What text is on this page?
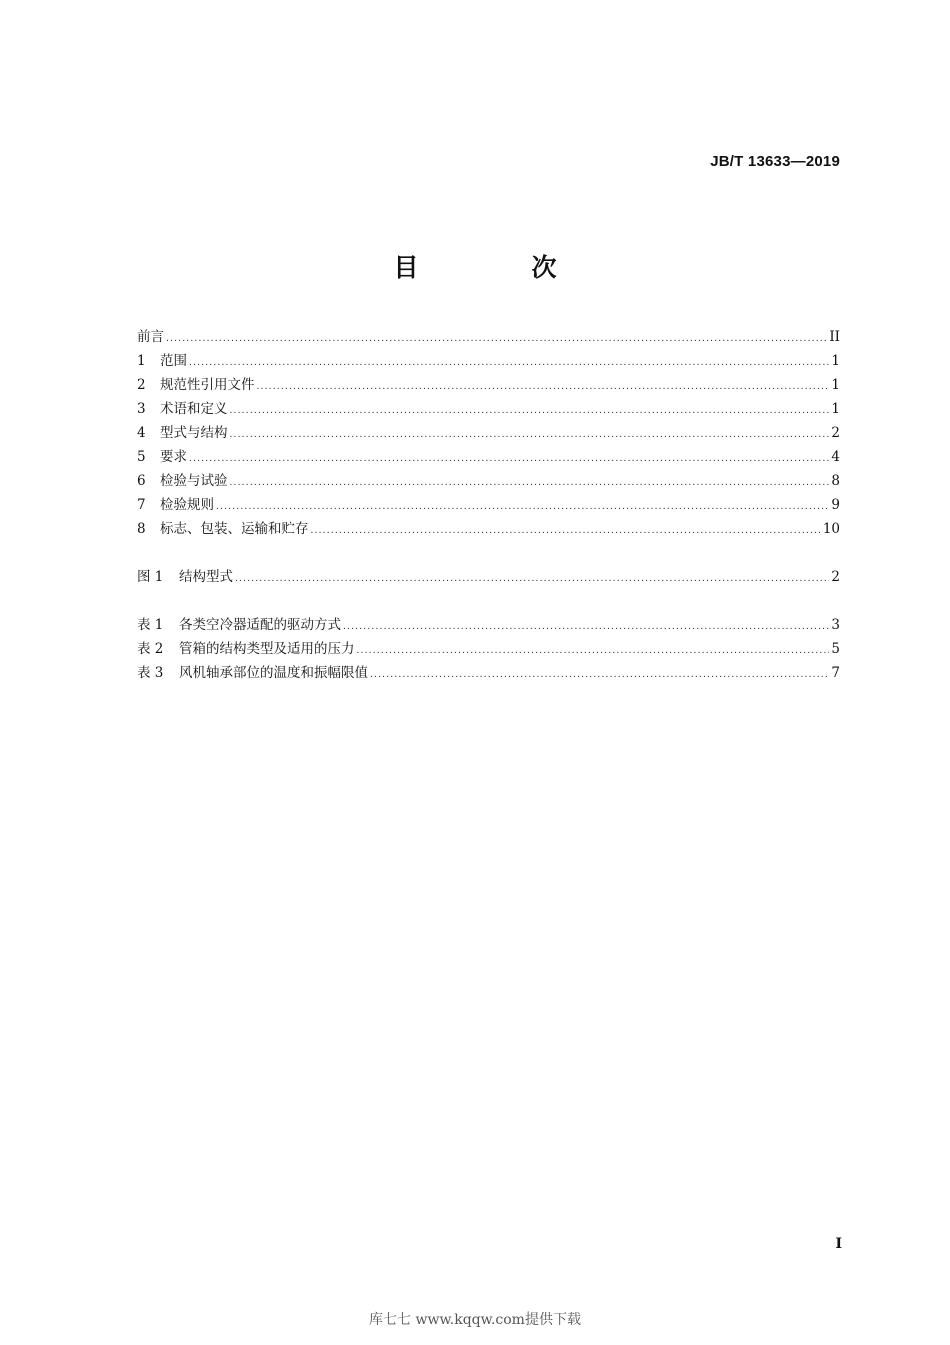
JB/T 13633—2019
目　次
前言 .....	II
1	范围 .....	1
2	规范性引用文件 .....	1
3	术语和定义 .....	1
4	型式与结构 .....	2
5	要求 .....	4
6	检验与试验 .....	8
7	检验规则 .....	9
8	标志、包装、运输和贮存 .....	10
图 1	结构型式 .....	2
表 1	各类空冷器适配的驱动方式 .....	3
表 2	管箱的结构类型及适用的压力 .....	5
表 3	风机轴承部位的温度和振幅限值 .....	7
I
库七七 www.kqqw.com提供下载
